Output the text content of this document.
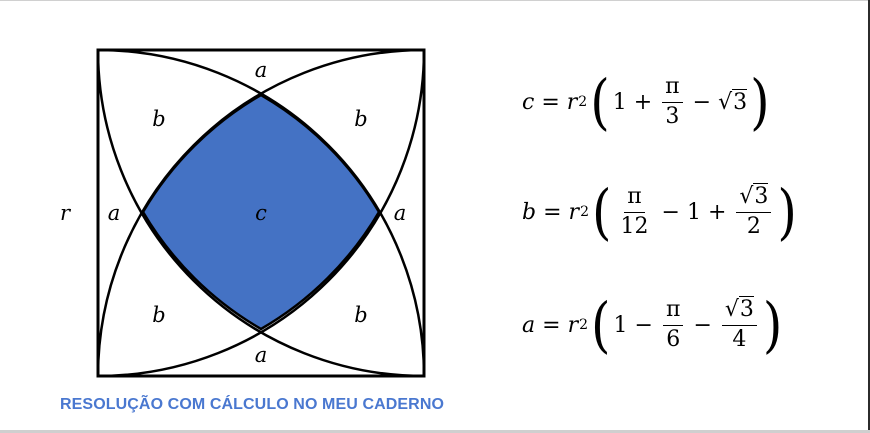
a
a
a	a
b	b
b	b
c
r
c = r 2 ( $1 + \frac{\pi}{3} - √3$ )
b = r 2 ( $\frac{\pi}{12} - 1 + \frac{√3}{2}$ )
a = r 2 ( $1 - \frac{\pi}{6} - \frac{√3}{4}$ )
RESOLUÇÃO COM CÁLCULO NO MEU CADERNO
